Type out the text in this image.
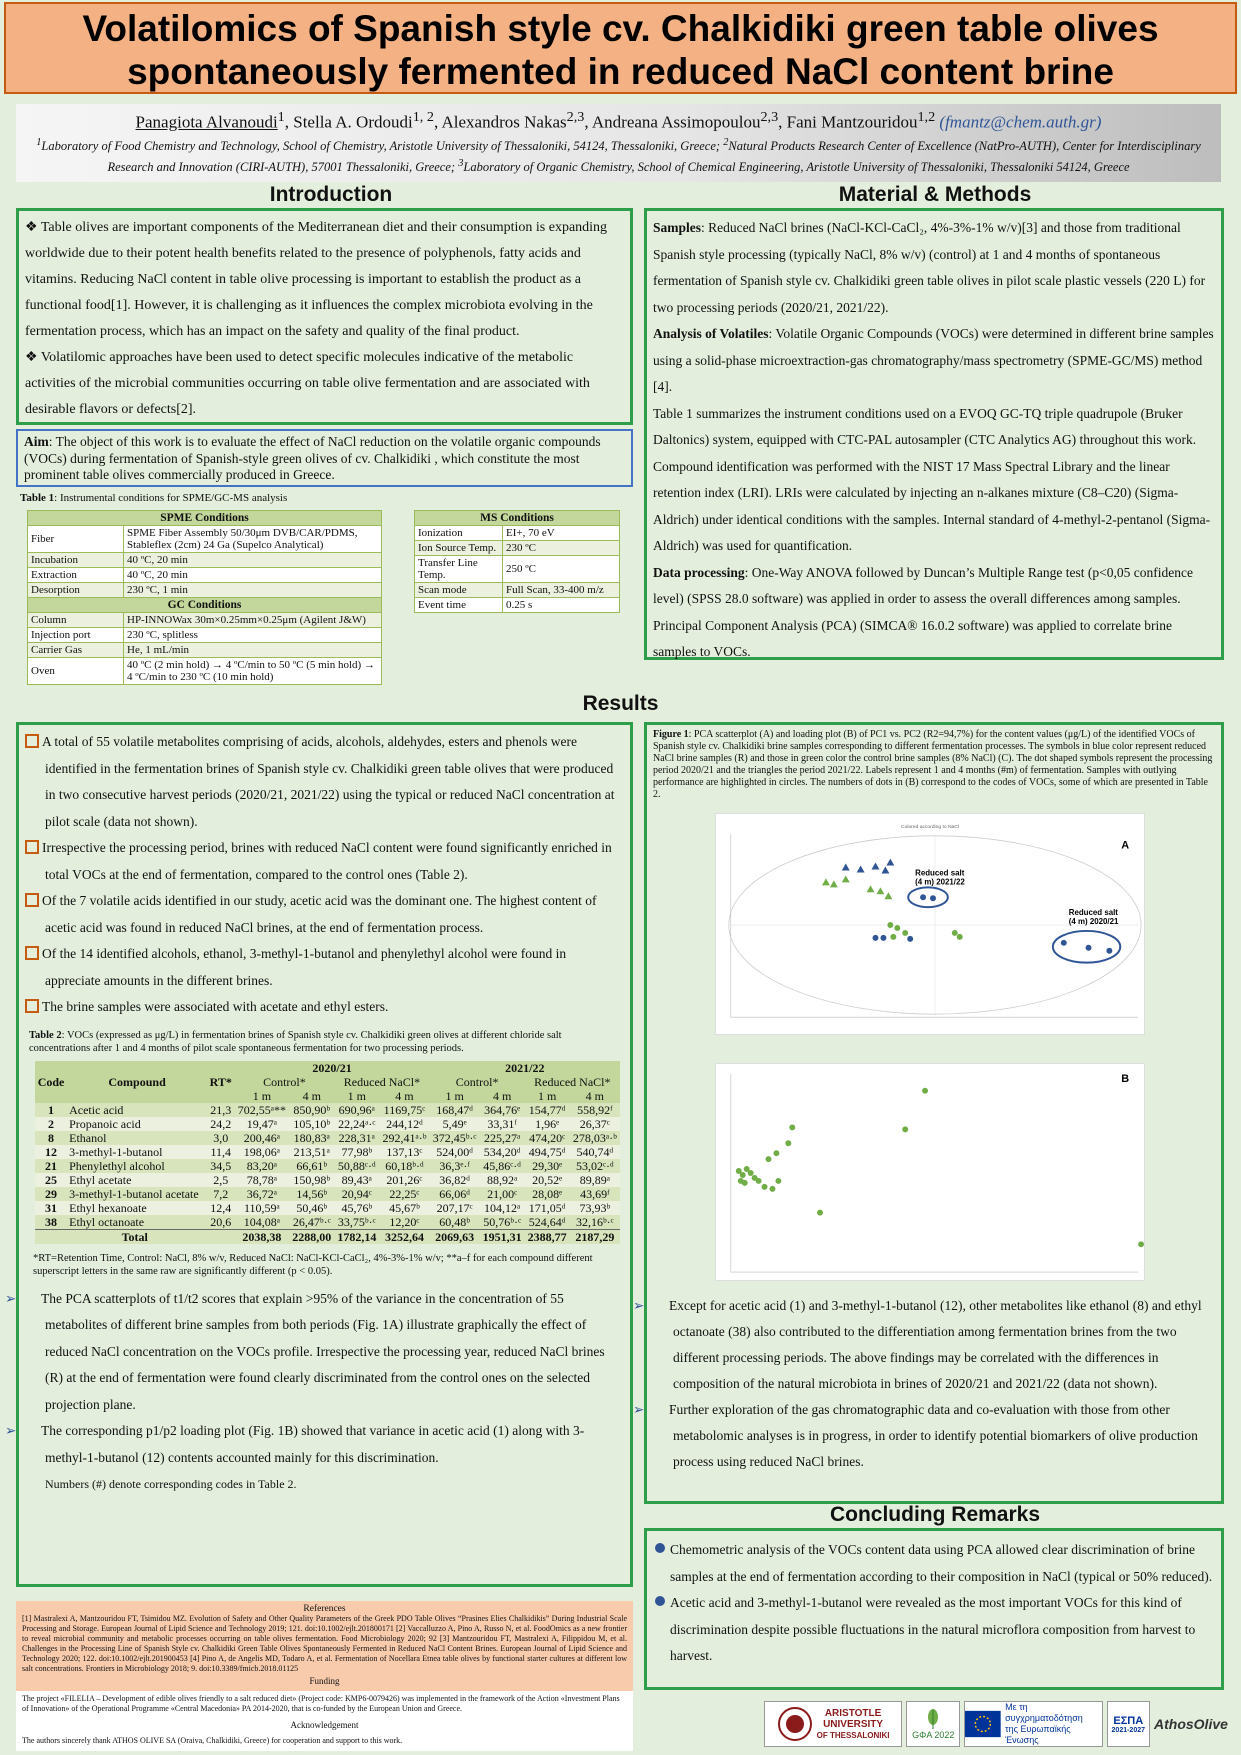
Volatilomics of Spanish style cv. Chalkidiki green table olives
spontaneously fermented in reduced NaCl content brine
Panagiota Alvanoudi$^1$, Stella A. Ordoudi$^{1, 2}$, Alexandros Nakas$^{2,3}$, Andreana Assimopoulou$^{2,3}$, Fani Mantzouridou$^{1,2}$ (fmantz@chem.auth.gr)
$^1$Laboratory of Food Chemistry and Technology, School of Chemistry, Aristotle University of Thessaloniki, 54124, Thessaloniki, Greece; $^2$Natural Products Research Center of Excellence (NatPro-AUTH), Center for Interdisciplinary Research and Innovation (CIRI-AUTH), 57001 Thessaloniki, Greece; $^3$Laboratory of Organic Chemistry, School of Chemical Engineering, Aristotle University of Thessaloniki, Thessaloniki 54124, Greece
Introduction
❖ Table olives are important components of the Mediterranean diet and their consumption is expanding worldwide due to their potent health benefits related to the presence of polyphenols, fatty acids and vitamins. Reducing NaCl content in table olive processing is important to establish the product as a functional food[1]. However, it is challenging as it influences the complex microbiota evolving in the fermentation process, which has an impact on the safety and quality of the final product.
❖ Volatilomic approaches have been used to detect specific molecules indicative of the metabolic activities of the microbial communities occurring on table olive fermentation and are associated with desirable flavors or defects[2].
Aim: The object of this work is to evaluate the effect of NaCl reduction on the volatile organic compounds (VOCs) during fermentation of Spanish-style green olives of cv. Chalkidiki , which constitute the most prominent table olives commercially produced in Greece.
Table 1: Instrumental conditions for SPME/GC-MS analysis
SPME Conditions	
Fiber	SPME Fiber Assembly 50/30μm DVB/CAR/PDMS, Stableflex (2cm) 24 Ga (Supelco Analytical)
Incubation	40 ºC, 20 min
Extraction	40 ºC, 20 min
Desorption	230 ºC, 1 min
GC Conditions	
Column	HP-INNOWax 30m×0.25mm×0.25μm (Agilent J&W)
Injection port	230 ºC, splitless
Carrier Gas	He, 1 mL/min
Oven	40 ºC (2 min hold) → 4 ºC/min to 50 ºC (5 min hold) → 4 ºC/min to 230 ºC (10 min hold)
MS Conditions	
Ionization	EI+, 70 eV
Ion Source Temp.	230 ºC
Transfer Line Temp.	250 ºC
Scan mode	Full Scan, 33-400 m/z
Event time	0.25 s
Material & Methods
Samples: Reduced NaCl brines (NaCl-KCl-CaCl₂, 4%-3%-1% w/v)[3] and those from traditional Spanish style processing (typically NaCl, 8% w/v) (control) at 1 and 4 months of spontaneous fermentation of Spanish style cv. Chalkidiki green table olives in pilot scale plastic vessels (220 L) for two processing periods (2020/21, 2021/22).
Analysis of Volatiles: Volatile Organic Compounds (VOCs) were determined in different brine samples using a solid-phase microextraction-gas chromatography/mass spectrometry (SPME-GC/MS) method [4].
Table 1 summarizes the instrument conditions used on a EVOQ GC-TQ triple quadrupole (Bruker Daltonics) system, equipped with CTC-PAL autosampler (CTC Analytics AG) throughout this work. Compound identification was performed with the NIST 17 Mass Spectral Library and the linear retention index (LRI). LRIs were calculated by injecting an n-alkanes mixture (C8–C20) (Sigma-Aldrich) under identical conditions with the samples. Internal standard of 4-methyl-2-pentanol (Sigma-Aldrich) was used for quantification.
Data processing: One-Way ANOVA followed by Duncan’s Multiple Range test (p<0,05 confidence level) (SPSS 28.0 software) was applied in order to assess the overall differences among samples. Principal Component Analysis (PCA) (SIMCA® 16.0.2 software) was applied to correlate brine samples to VOCs.
Results
A total of 55 volatile metabolites comprising of acids, alcohols, aldehydes, esters and phenols were identified in the fermentation brines of Spanish style cv. Chalkidiki green table olives that were produced in two consecutive harvest periods (2020/21, 2021/22) using the typical or reduced NaCl concentration at pilot scale (data not shown).
Irrespective the processing period, brines with reduced NaCl content were found significantly enriched in total VOCs at the end of fermentation, compared to the control ones (Table 2).
Of the 7 volatile acids identified in our study, acetic acid was the dominant one. The highest content of acetic acid was found in reduced NaCl brines, at the end of fermentation process.
Of the 14 identified alcohols, ethanol, 3-methyl-1-butanol and phenylethyl alcohol were found in appreciate amounts in the different brines.
The brine samples were associated with acetate and ethyl esters.
Table 2: VOCs (expressed as μg/L) in fermentation brines of Spanish style cv. Chalkidiki green olives at different chloride salt concentrations after 1 and 4 months of pilot scale spontaneous fermentation for two processing periods.
Code	Compound	RT*	2020/21				2021/22			
			Control*		Reduced NaCl*		Control*		Reduced NaCl*	
			1 m	4 m	1 m	4 m	1 m	4 m	1 m	4 m
1	Acetic acid	21,3	702,55ᵃ**	850,90ᵇ	690,96ᵃ	1169,75ᶜ	168,47ᵈ	364,76ᵉ	154,77ᵈ	558,92ᶠ
2	Propanoic acid	24,2	19,47ᵃ	105,10ᵇ	22,24ᵃ·ᶜ	244,12ᵈ	5,49ᵉ	33,31ᶠ	1,96ᵉ	26,37ᶜ
8	Ethanol	3,0	200,46ᵃ	180,83ᵃ	228,31ᵃ	292,41ᵃ·ᵇ	372,45ᵇ·ᶜ	225,27ᵃ	474,20ᶜ	278,03ᵃ·ᵇ
12	3-methyl-1-butanol	11,4	198,06ᵃ	213,51ᵃ	77,98ᵇ	137,13ᶜ	524,00ᵈ	534,20ᵈ	494,75ᵈ	540,74ᵈ
21	Phenylethyl alcohol	34,5	83,20ᵃ	66,61ᵇ	50,88ᶜ·ᵈ	60,18ᵇ·ᵈ	36,3ᵉ·ᶠ	45,86ᶜ·ᵈ	29,30ᵉ	53,02ᶜ·ᵈ
25	Ethyl acetate	2,5	78,78ᵃ	150,98ᵇ	89,43ᵃ	201,26ᶜ	36,82ᵈ	88,92ᵃ	20,52ᵉ	89,89ᵃ
29	3-methyl-1-butanol acetate	7,2	36,72ᵃ	14,56ᵇ	20,94ᶜ	22,25ᶜ	66,06ᵈ	21,00ᶜ	28,08ᵉ	43,69ᶠ
31	Ethyl hexanoate	12,4	110,59ᵃ	50,46ᵇ	45,76ᵇ	45,67ᵇ	207,17ᶜ	104,12ᵃ	171,05ᵈ	73,93ᵇ
38	Ethyl octanoate	20,6	104,08ᵃ	26,47ᵇ·ᶜ	33,75ᵇ·ᶜ	12,20ᶜ	60,48ᵇ	50,76ᵇ·ᶜ	524,64ᵈ	32,16ᵇ·ᶜ
Total			2038,38	2288,00	1782,14	3252,64	2069,63	1951,31	2388,77	2187,29
*RT=Retention Time, Control: NaCl, 8% w/v, Reduced NaCl: NaCl-KCl-CaCl₂, 4%-3%-1% w/v; **a–f for each compound different superscript letters in the same raw are significantly different (p < 0.05).
➢ The PCA scatterplots of t1/t2 scores that explain >95% of the variance in the concentration of 55 metabolites of different brine samples from both periods (Fig. 1A) illustrate graphically the effect of reduced NaCl concentration on the VOCs profile. Irrespective the processing year, reduced NaCl brines (R) at the end of fermentation were found clearly discriminated from the control ones on the selected projection plane.
➢ The corresponding p1/p2 loading plot (Fig. 1B) showed that variance in acetic acid (1) along with 3-methyl-1-butanol (12) contents accounted mainly for this discrimination.
Numbers (#) denote corresponding codes in Table 2.
Figure 1: PCA scatterplot (A) and loading plot (B) of PC1 vs. PC2 (R2=94,7%) for the content values (μg/L) of the identified VOCs of Spanish style cv. Chalkidiki brine samples corresponding to different fermentation processes. The symbols in blue color represent reduced NaCl brine samples (R) and those in green color the control brine samples (8% NaCl) (C). The dot shaped symbols represent the processing period 2020/21 and the triangles the period 2021/22. Labels represent 1 and 4 months (#m) of fermentation. Samples with outlying performance are highlighted in circles. The numbers of dots in (B) correspond to the codes of VOCs, some of which are presented in Table 2.
Colored according to NaCl
A
Reduced salt (4 m) 2021/22
Reduced salt (4 m) 2020/21
B
➢ Except for acetic acid (1) and 3-methyl-1-butanol (12), other metabolites like ethanol (8) and ethyl octanoate (38) also contributed to the differentiation among fermentation brines from the two different processing periods. The above findings may be correlated with the differences in composition of the natural microbiota in brines of 2020/21 and 2021/22 (data not shown).
➢ Further exploration of the gas chromatographic data and co-evaluation with those from other metabolomic analyses is in progress, in order to identify potential biomarkers of olive production process using reduced NaCl brines.
Concluding Remarks
Chemometric analysis of the VOCs content data using PCA allowed clear discrimination of brine samples at the end of fermentation according to their composition in NaCl (typical or 50% reduced).
Acetic acid and 3-methyl-1-butanol were revealed as the most important VOCs for this kind of discrimination despite possible fluctuations in the natural microflora composition from harvest to harvest.
References
[1] Mastralexi A, Mantzouridou FT, Tsimidou MZ. Evolution of Safety and Other Quality Parameters of the Greek PDO Table Olives “Prasines Elies Chalkidikis” During Industrial Scale Processing and Storage. European Journal of Lipid Science and Technology 2019; 121. doi:10.1002/ejlt.201800171 [2] Vaccalluzzo A, Pino A, Russo N, et al. FoodOmics as a new frontier to reveal microbial community and metabolic processes occurring on table olives fermentation. Food Microbiology 2020; 92 [3] Mantzouridou FT, Mastralexi A, Filippidou M, et al. Challenges in the Processing Line of Spanish Style cv. Chalkidiki Green Table Olives Spontaneously Fermented in Reduced NaCl Content Brines. European Journal of Lipid Science and Technology 2020; 122. doi:10.1002/ejlt.201900453 [4] Pino A, de Angelis MD, Todaro A, et al. Fermentation of Nocellara Etnea table olives by functional starter cultures at different low salt concentrations. Frontiers in Microbiology 2018; 9. doi:10.3389/fmicb.2018.01125
Funding
The project «FILELIA – Development of edible olives friendly to a salt reduced diet» (Project code: KMP6-0079426) was implemented in the framework of the Action «Investment Plans of Innovation» of the Operational Programme «Central Macedonia» PA 2014-2020, that is co-funded by the European Union and Greece.
Acknowledgement
The authors sincerely thank ATHOS OLIVE SA (Oraiva, Chalkidiki, Greece) for cooperation and support to this work.
ARISTOTLE
UNIVERSITY
OF THESSALONIKI	GΦA 2022
Με τη συγχρηματοδότηση
της Ευρωπαϊκής Ένωσης
ΕΣΠΑ
2021-2027 AthosOlive
